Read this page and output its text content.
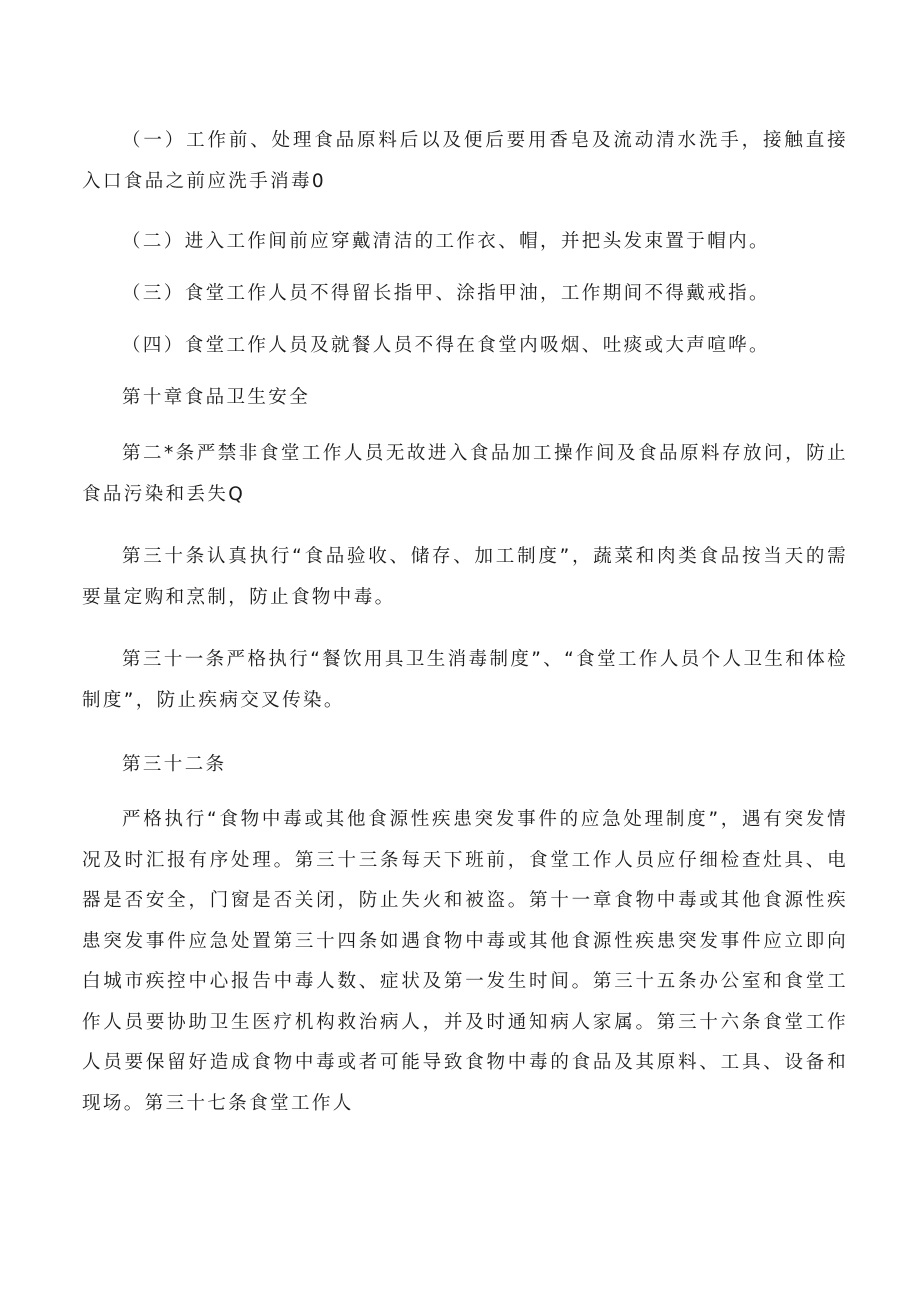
（一）工作前、处理食品原料后以及便后要用香皂及流动清水洗手，接触直接入口食品之前应洗手消毒0

（二）进入工作间前应穿戴清洁的工作衣、帽，并把头发束置于帽内。

（三）食堂工作人员不得留长指甲、涂指甲油，工作期间不得戴戒指。

（四）食堂工作人员及就餐人员不得在食堂内吸烟、吐痰或大声喧哗。

第十章食品卫生安全

第二*条严禁非食堂工作人员无故进入食品加工操作间及食品原料存放问，防止食品污染和丢失Q

第三十条认真执行“食品验收、储存、加工制度”，蔬菜和肉类食品按当天的需要量定购和烹制，防止食物中毒。

第三十一条严格执行“餐饮用具卫生消毒制度”、“食堂工作人员个人卫生和体检制度”，防止疾病交叉传染。

第三十二条

严格执行“食物中毒或其他食源性疾患突发事件的应急处理制度”，遇有突发情况及时汇报有序处理。第三十三条每天下班前，食堂工作人员应仔细检查灶具、电器是否安全，门窗是否关闭，防止失火和被盗。第十一章食物中毒或其他食源性疾患突发事件应急处置第三十四条如遇食物中毒或其他食源性疾患突发事件应立即向白城市疾控中心报告中毒人数、症状及第一发生时间。第三十五条办公室和食堂工作人员要协助卫生医疗机构救治病人，并及时通知病人家属。第三十六条食堂工作人员要保留好造成食物中毒或者可能导致食物中毒的食品及其原料、工具、设备和现场。第三十七条食堂工作人
